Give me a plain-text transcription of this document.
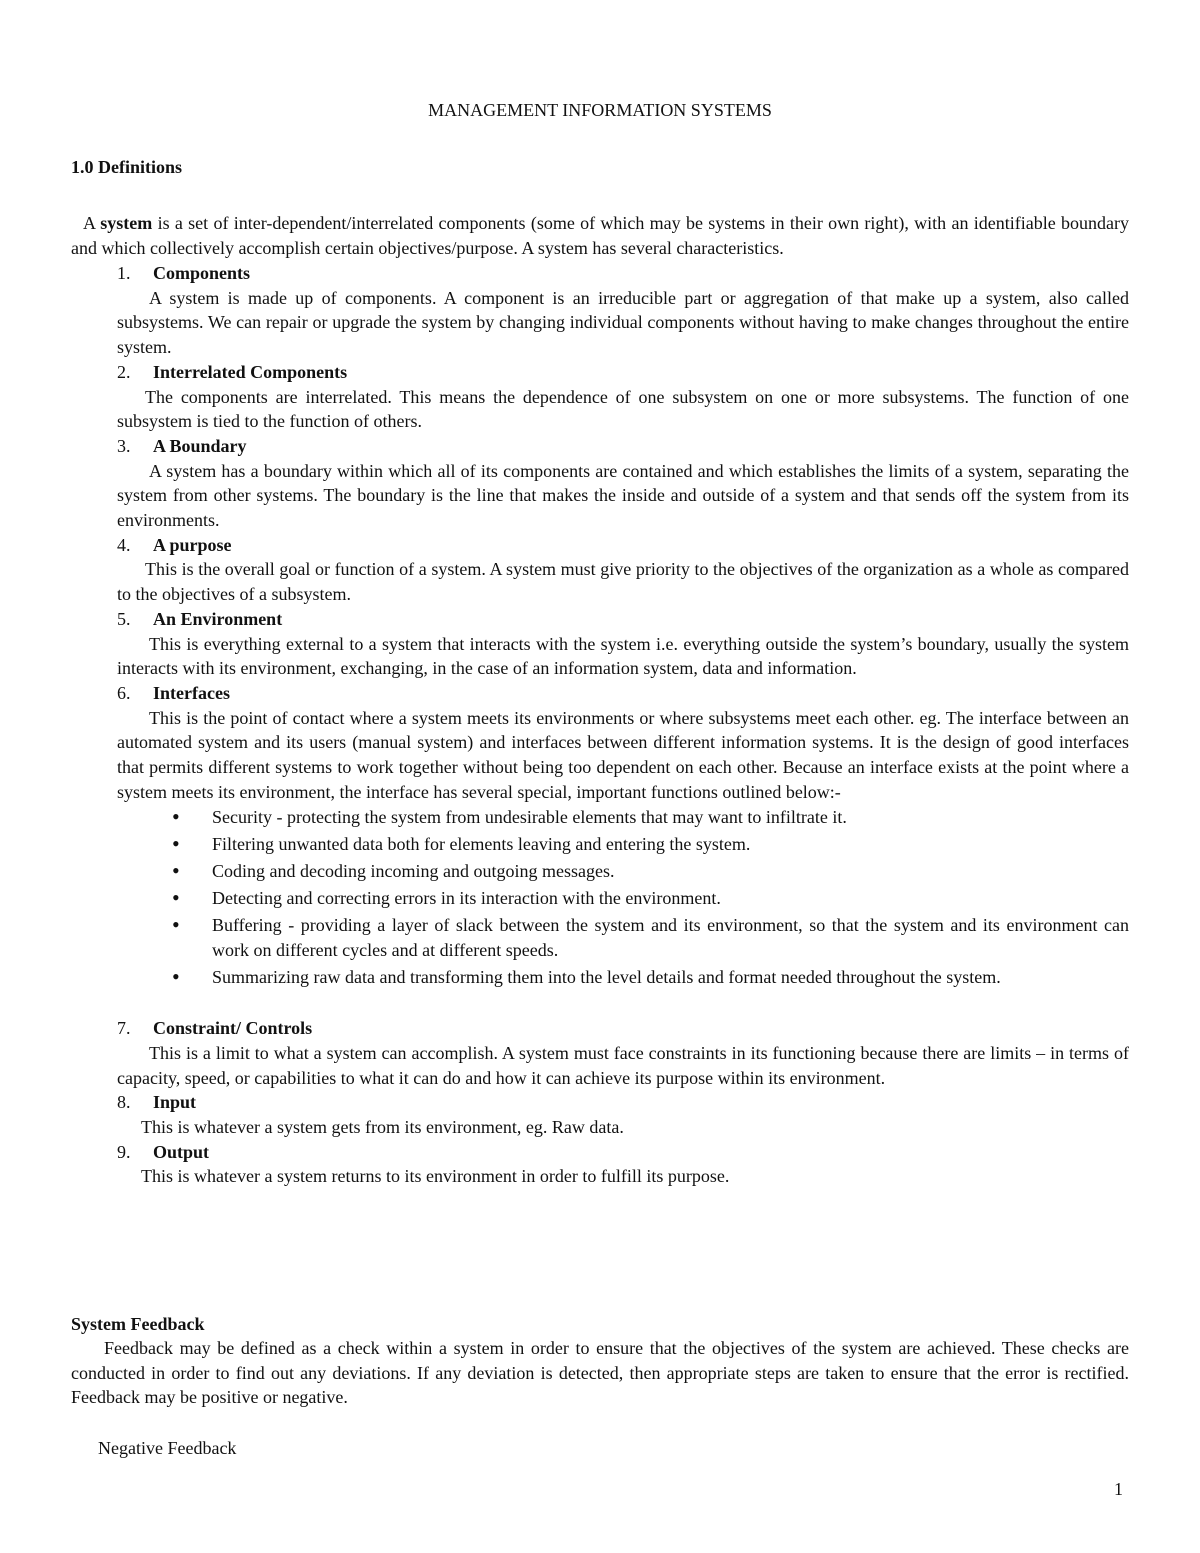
MANAGEMENT INFORMATION SYSTEMS
1.0 Definitions
A system is a set of inter-dependent/interrelated components (some of which may be systems in their own right), with an identifiable boundary and which collectively accomplish certain objectives/purpose. A system has several characteristics.
1. Components
A system is made up of components. A component is an irreducible part or aggregation of that make up a system, also called subsystems. We can repair or upgrade the system by changing individual components without having to make changes throughout the entire system.
2. Interrelated Components
The components are interrelated. This means the dependence of one subsystem on one or more subsystems. The function of one subsystem is tied to the function of others.
3. A Boundary
A system has a boundary within which all of its components are contained and which establishes the limits of a system, separating the system from other systems. The boundary is the line that makes the inside and outside of a system and that sends off the system from its environments.
4. A purpose
This is the overall goal or function of a system. A system must give priority to the objectives of the organization as a whole as compared to the objectives of a subsystem.
5. An Environment
This is everything external to a system that interacts with the system i.e. everything outside the system’s boundary, usually the system interacts with its environment, exchanging, in the case of an information system, data and information.
6. Interfaces
This is the point of contact where a system meets its environments or where subsystems meet each other. eg. The interface between an automated system and its users (manual system) and interfaces between different information systems. It is the design of good interfaces that permits different systems to work together without being too dependent on each other. Because an interface exists at the point where a system meets its environment, the interface has several special, important functions outlined below:-
• Security - protecting the system from undesirable elements that may want to infiltrate it.
• Filtering unwanted data both for elements leaving and entering the system.
• Coding and decoding incoming and outgoing messages.
• Detecting and correcting errors in its interaction with the environment.
• Buffering - providing a layer of slack between the system and its environment, so that the system and its environment can work on different cycles and at different speeds.
• Summarizing raw data and transforming them into the level details and format needed throughout the system.
7. Constraint/ Controls
This is a limit to what a system can accomplish. A system must face constraints in its functioning because there are limits – in terms of capacity, speed, or capabilities to what it can do and how it can achieve its purpose within its environment.
8. Input
This is whatever a system gets from its environment, eg. Raw data.
9. Output
This is whatever a system returns to its environment in order to fulfill its purpose.
System Feedback
Feedback may be defined as a check within a system in order to ensure that the objectives of the system are achieved. These checks are conducted in order to find out any deviations. If any deviation is detected, then appropriate steps are taken to ensure that the error is rectified. Feedback may be positive or negative.
Negative Feedback
1
